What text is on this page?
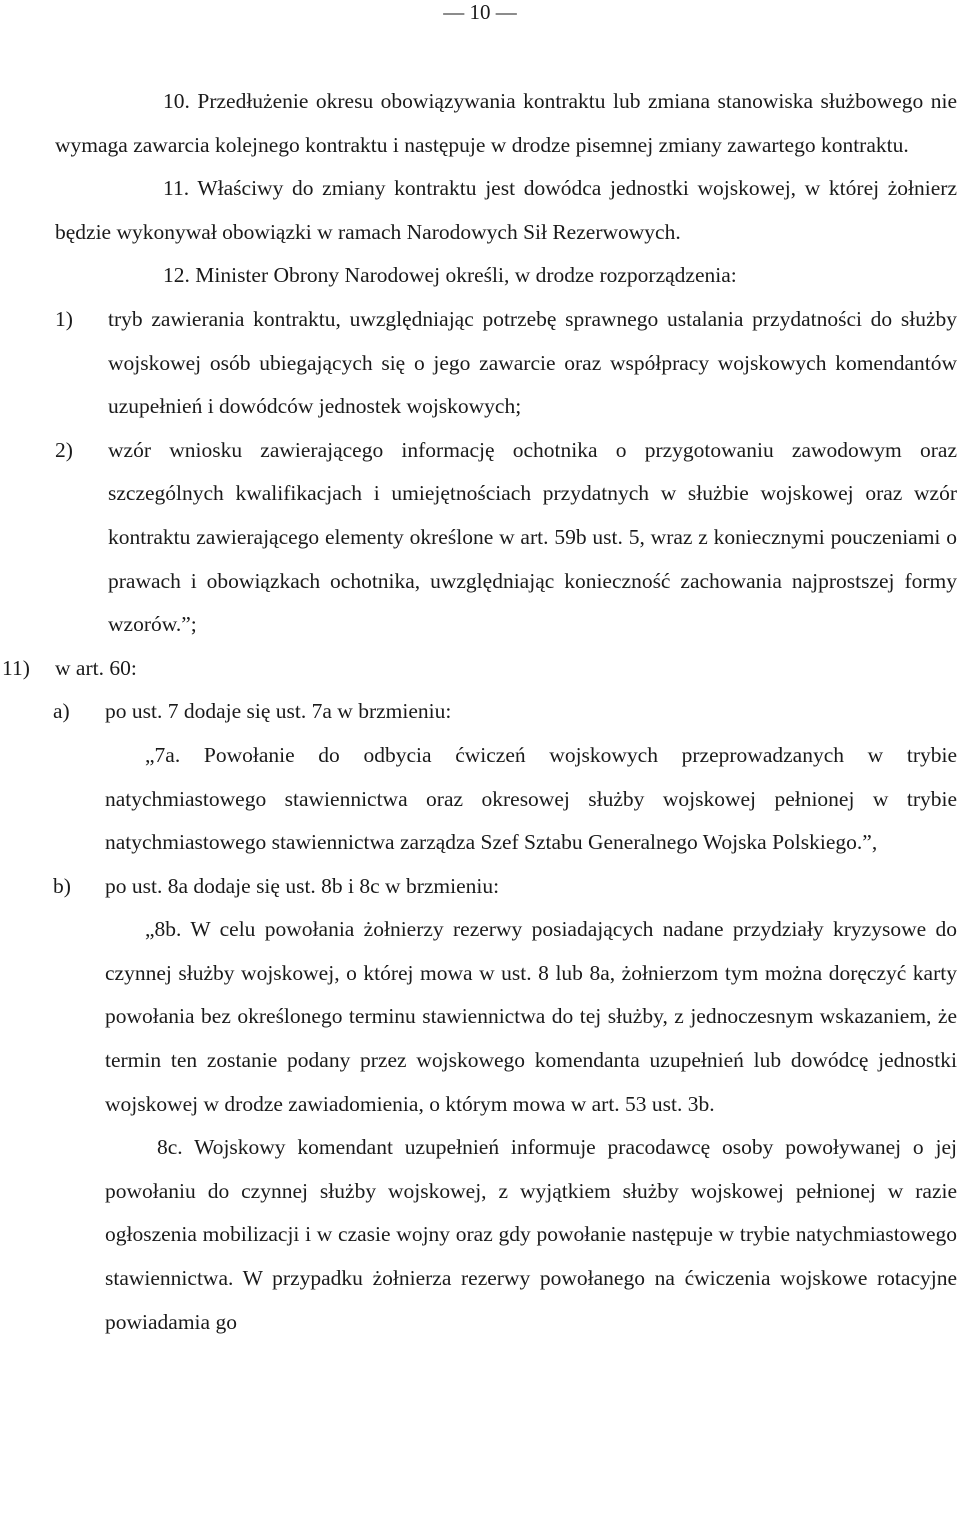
— 10 —

10. Przedłużenie okresu obowiązywania kontraktu lub zmiana stanowiska służbowego nie wymaga zawarcia kolejnego kontraktu i następuje w drodze pisemnej zmiany zawartego kontraktu.

11. Właściwy do zmiany kontraktu jest dowódca jednostki wojskowej, w której żołnierz będzie wykonywał obowiązki w ramach Narodowych Sił Rezerwowych.

12. Minister Obrony Narodowej określi, w drodze rozporządzenia:

1) tryb zawierania kontraktu, uwzględniając potrzebę sprawnego ustalania przydatności do służby wojskowej osób ubiegających się o jego zawarcie oraz współpracy wojskowych komendantów uzupełnień i dowódców jednostek wojskowych;

2) wzór wniosku zawierającego informację ochotnika o przygotowaniu zawodowym oraz szczególnych kwalifikacjach i umiejętnościach przydatnych w służbie wojskowej oraz wzór kontraktu zawierającego elementy określone w art. 59b ust. 5, wraz z koniecznymi pouczeniami o prawach i obowiązkach ochotnika, uwzględniając konieczność zachowania najprostszej formy wzorów.”;

11) w art. 60:

a) po ust. 7 dodaje się ust. 7a w brzmieniu:

„7a. Powołanie do odbycia ćwiczeń wojskowych przeprowadzanych w trybie natychmiastowego stawiennictwa oraz okresowej służby wojskowej pełnionej w trybie natychmiastowego stawiennictwa zarządza Szef Sztabu Generalnego Wojska Polskiego.”,

b) po ust. 8a dodaje się ust. 8b i 8c w brzmieniu:

„8b. W celu powołania żołnierzy rezerwy posiadających nadane przydziały kryzysowe do czynnej służby wojskowej, o której mowa w ust. 8 lub 8a, żołnierzom tym można doręczyć karty powołania bez określonego terminu stawiennictwa do tej służby, z jednoczesnym wskazaniem, że termin ten zostanie podany przez wojskowego komendanta uzupełnień lub dowódcę jednostki wojskowej w drodze zawiadomienia, o którym mowa w art. 53 ust. 3b.

8c. Wojskowy komendant uzupełnień informuje pracodawcę osoby powoływanej o jej powołaniu do czynnej służby wojskowej, z wyjątkiem służby wojskowej pełnionej w razie ogłoszenia mobilizacji i w czasie wojny oraz gdy powołanie następuje w trybie natychmiastowego stawiennictwa. W przypadku żołnierza rezerwy powołanego na ćwiczenia wojskowe rotacyjne powiadamia go
